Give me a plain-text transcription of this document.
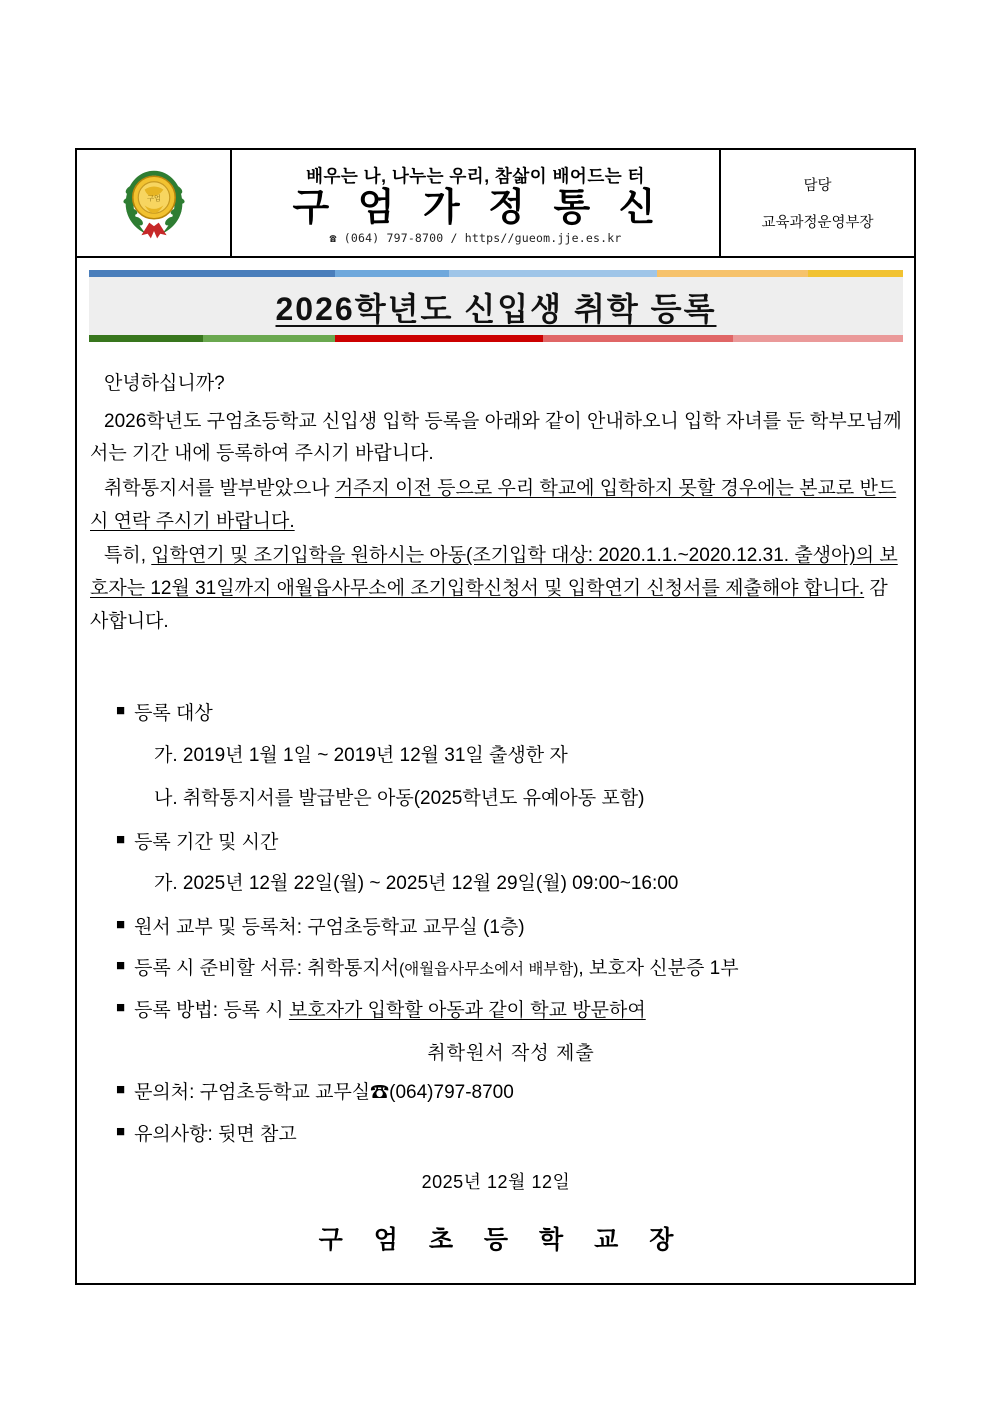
구엄
배우는 나, 나누는 우리, 참삶이 배어드는 터
구 엄 가 정 통 신
☎ (064) 797-8700 / https//gueom.jje.es.kr
담당
교육과정운영부장
2026학년도 신입생 취학 등록
안녕하십니까?
2026학년도 구엄초등학교 신입생 입학 등록을 아래와 같이 안내하오니 입학 자녀를 둔 학부모님께서는 기간 내에 등록하여 주시기 바랍니다.
취학통지서를 발부받았으나 거주지 이전 등으로 우리 학교에 입학하지 못할 경우에는 본교로 반드시 연락 주시기 바랍니다.
특히, 입학연기 및 조기입학을 원하시는 아동(조기입학 대상: 2020.1.1.~2020.12.31. 출생아)의 보호자는 12월 31일까지 애월읍사무소에 조기입학신청서 및 입학연기 신청서를 제출해야 합니다. 감사합니다.
■ 등록 대상
가. 2019년 1월 1일 ~ 2019년 12월 31일 출생한 자
나. 취학통지서를 발급받은 아동(2025학년도 유예아동 포함)
■ 등록 기간 및 시간
가. 2025년 12월 22일(월) ~ 2025년 12월 29일(월) 09:00~16:00
■ 원서 교부 및 등록처: 구엄초등학교 교무실 (1층)
■ 등록 시 준비할 서류: 취학통지서(애월읍사무소에서 배부함), 보호자 신분증 1부
■ 등록 방법: 등록 시 보호자가 입학할 아동과 같이 학교 방문하여
취학원서 작성 제출
■ 문의처: 구엄초등학교 교무실☎(064)797-8700
■ 유의사항: 뒷면 참고
2025년 12월 12일
구 엄 초 등 학 교 장
